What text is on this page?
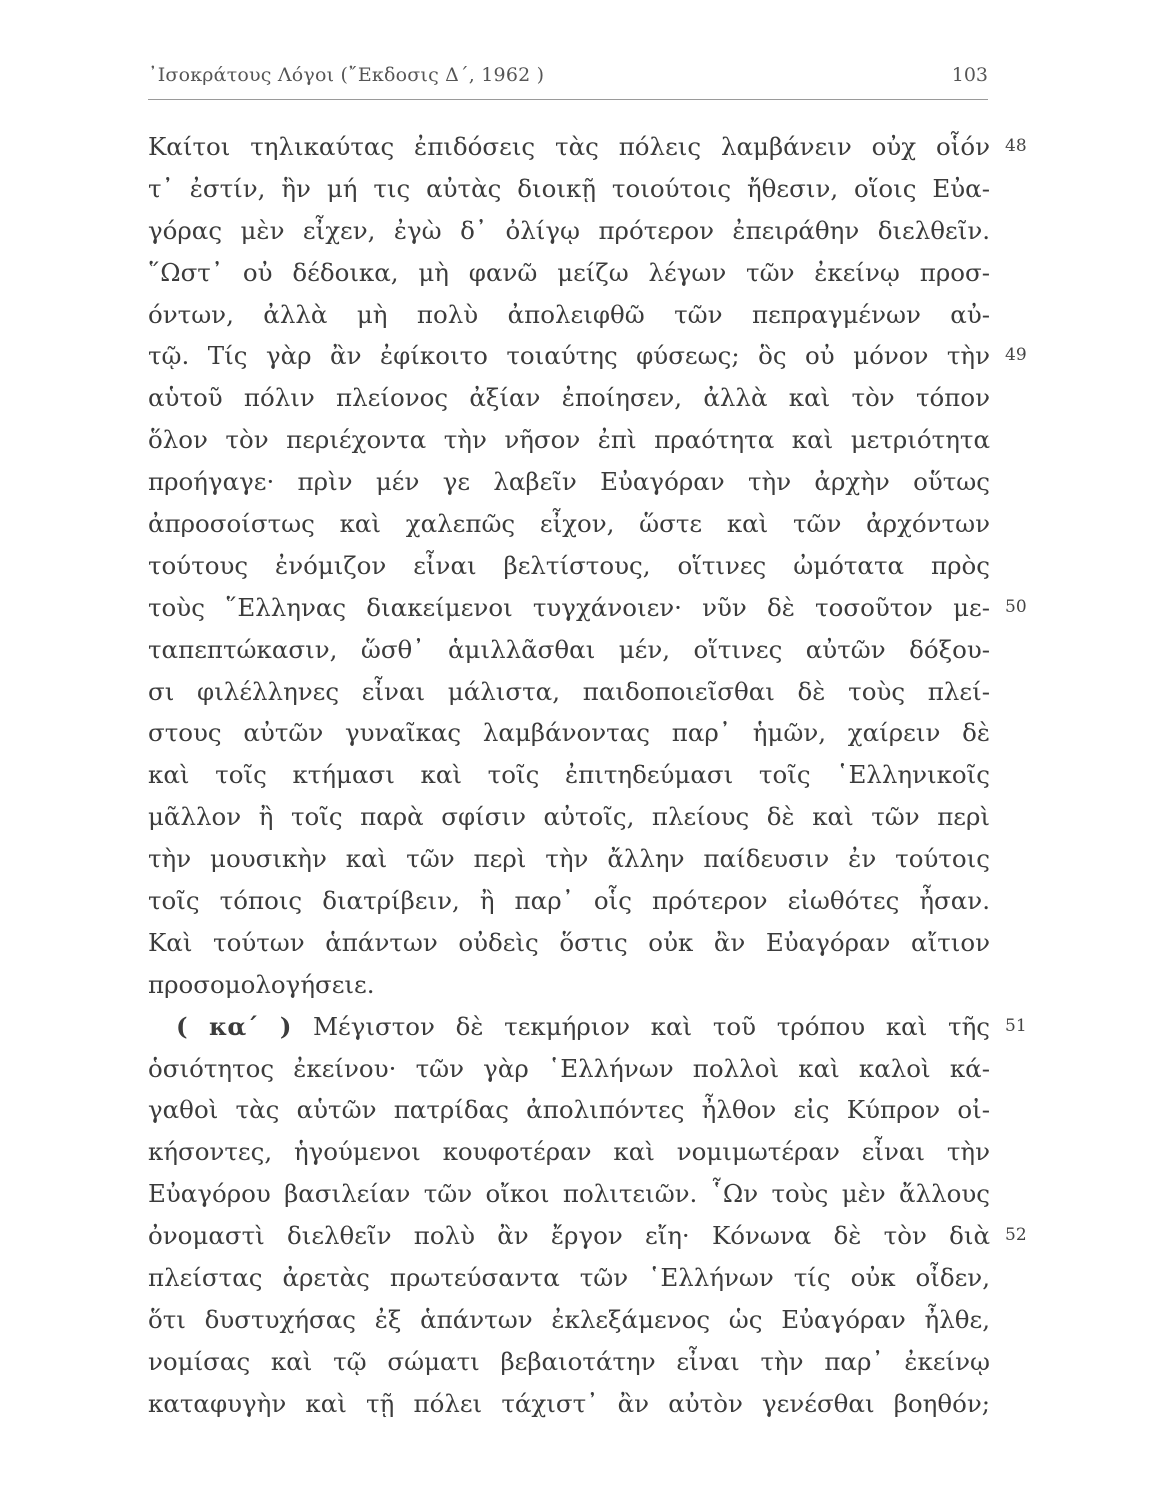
᾿Ισοκράτους Λόγοι (῎Εκδοσις Δ΄, 1962 )	103
Καίτοι τηλικαύτας ἐπιδόσεις τὰς πόλεις λαμβάνειν οὐχ οἷόν 48
τ᾽ ἐστίν, ἣν μή τις αὐτὰς διοικῇ τοιούτοις ἤθεσιν, οἵοις Εὐα-
γόρας μὲν εἶχεν, ἐγὼ δ᾽ ὀλίγῳ πρότερον ἐπειράθην διελθεῖν.
῞Ωστ᾽ οὐ δέδοικα, μὴ φανῶ μείζω λέγων τῶν ἐκείνῳ προσ-
όντων, ἀλλὰ μὴ πολὺ ἀπολειφθῶ τῶν πεπραγμένων αὐ-
τῷ. Τίς γὰρ ἂν ἐφίκοιτο τοιαύτης φύσεως; ὃς οὐ μόνον τὴν 49
αὑτοῦ πόλιν πλείονος ἀξίαν ἐποίησεν, ἀλλὰ καὶ τὸν τόπον
ὅλον τὸν περιέχοντα τὴν νῆσον ἐπὶ πραότητα καὶ μετριότητα
προήγαγε· πρὶν μέν γε λαβεῖν Εὐαγόραν τὴν ἀρχὴν οὕτως
ἀπροσοίστως καὶ χαλεπῶς εἶχον, ὥστε καὶ τῶν ἀρχόντων
τούτους ἐνόμιζον εἶναι βελτίστους, οἵτινες ὠμότατα πρὸς
τοὺς ῞Ελληνας διακείμενοι τυγχάνοιεν· νῦν δὲ τοσοῦτον με- 50
ταπεπτώκασιν, ὥσθ᾽ ἁμιλλᾶσθαι μέν, οἵτινες αὐτῶν δόξου-
σι φιλέλληνες εἶναι μάλιστα, παιδοποιεῖσθαι δὲ τοὺς πλεί-
στους αὐτῶν γυναῖκας λαμβάνοντας παρ᾽ ἡμῶν, χαίρειν δὲ
καὶ τοῖς κτήμασι καὶ τοῖς ἐπιτηδεύμασι τοῖς ῾Ελληνικοῖς
μᾶλλον ἢ τοῖς παρὰ σφίσιν αὐτοῖς, πλείους δὲ καὶ τῶν περὶ
τὴν μουσικὴν καὶ τῶν περὶ τὴν ἄλλην παίδευσιν ἐν τούτοις
τοῖς τόποις διατρίβειν, ἢ παρ᾽ οἷς πρότερον εἰωθότες ἦσαν.
Καὶ τούτων ἁπάντων οὐδεὶς ὅστις οὐκ ἂν Εὐαγόραν αἴτιον
προσομολογήσειε.
( κα΄ ) Μέγιστον δὲ τεκμήριον καὶ τοῦ τρόπου καὶ τῆς 51
ὁσιότητος ἐκείνου· τῶν γὰρ ῾Ελλήνων πολλοὶ καὶ καλοὶ κά-
γαθοὶ τὰς αὑτῶν πατρίδας ἀπολιπόντες ἦλθον εἰς Κύπρον οἰ-
κήσοντες, ἡγούμενοι κουφοτέραν καὶ νομιμωτέραν εἶναι τὴν
Εὐαγόρου βασιλείαν τῶν οἴκοι πολιτειῶν. ῟Ων τοὺς μὲν ἄλλους
ὀνομαστὶ διελθεῖν πολὺ ἂν ἔργον εἴη· Κόνωνα δὲ τὸν διὰ 52
πλείστας ἀρετὰς πρωτεύσαντα τῶν ῾Ελλήνων τίς οὐκ οἶδεν,
ὅτι δυστυχήσας ἐξ ἁπάντων ἐκλεξάμενος ὡς Εὐαγόραν ἦλθε,
νομίσας καὶ τῷ σώματι βεβαιοτάτην εἶναι τὴν παρ᾽ ἐκείνῳ
καταφυγὴν καὶ τῇ πόλει τάχιστ᾽ ἂν αὐτὸν γενέσθαι βοηθόν;
